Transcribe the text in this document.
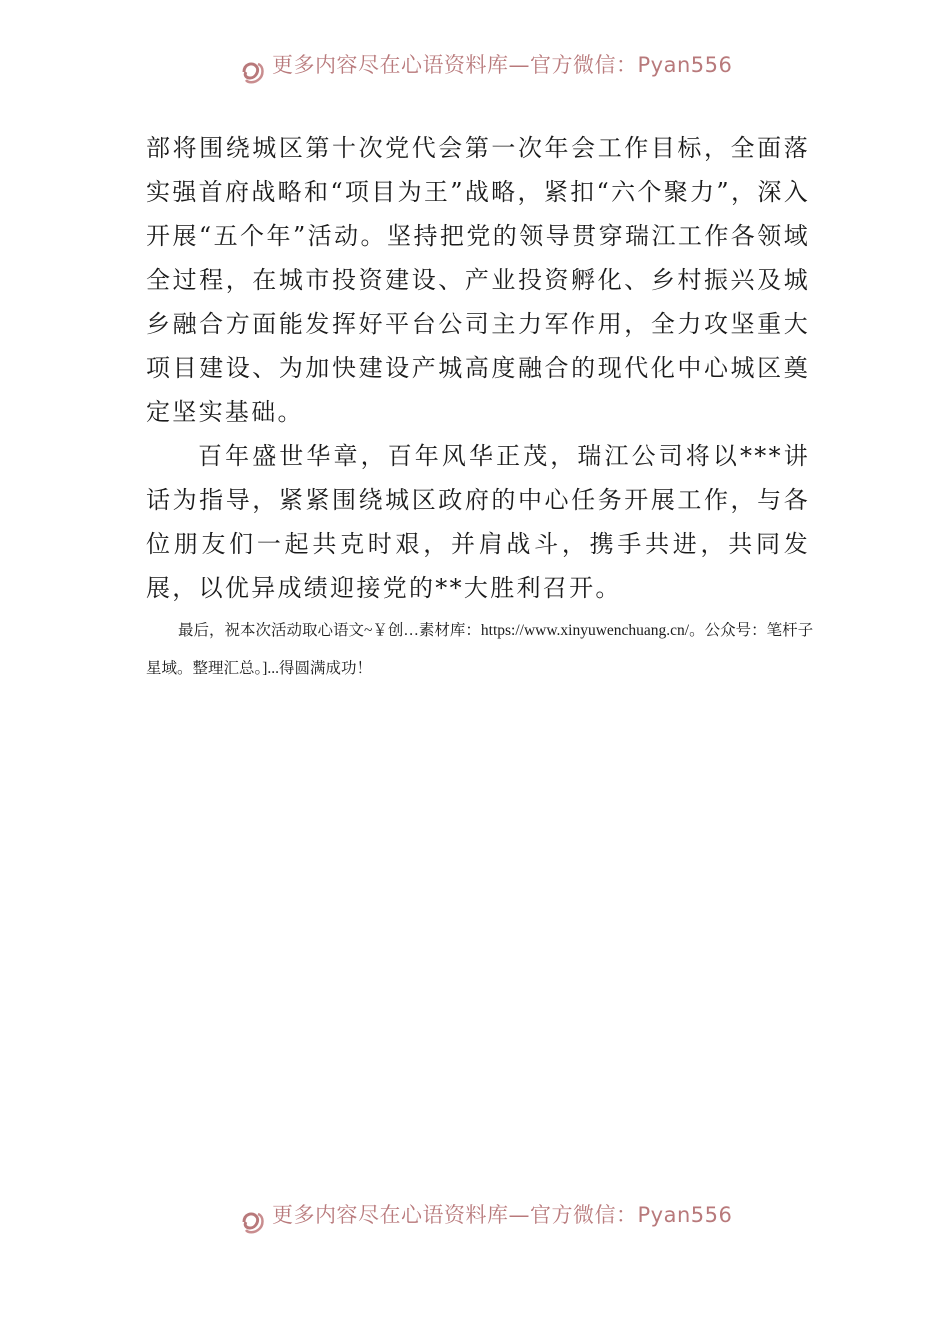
更多内容尽在心语资料库—官方微信：Pyan556

部将围绕城区第十次党代会第一次年会工作目标，全面落实强首府战略和“项目为王”战略，紧扣“六个聚力”，深入开展“五个年”活动。坚持把党的领导贯穿瑞江工作各领域全过程，在城市投资建设、产业投资孵化、乡村振兴及城乡融合方面能发挥好平台公司主力军作用，全力攻坚重大项目建设、为加快建设产城高度融合的现代化中心城区奠定坚实基础。

百年盛世华章，百年风华正茂，瑞江公司将以***讲话为指导，紧紧围绕城区政府的中心任务开展工作，与各位朋友们一起共克时艰，并肩战斗，携手共进，共同发展，以优异成绩迎接党的**大胜利召开。

最后，祝本次活动取心语文~￥创…素材库：https://www.xinyuwenchuang.cn/。公众号：笔杆子星域。整理汇总。]...得圆满成功！

更多内容尽在心语资料库—官方微信：Pyan556
